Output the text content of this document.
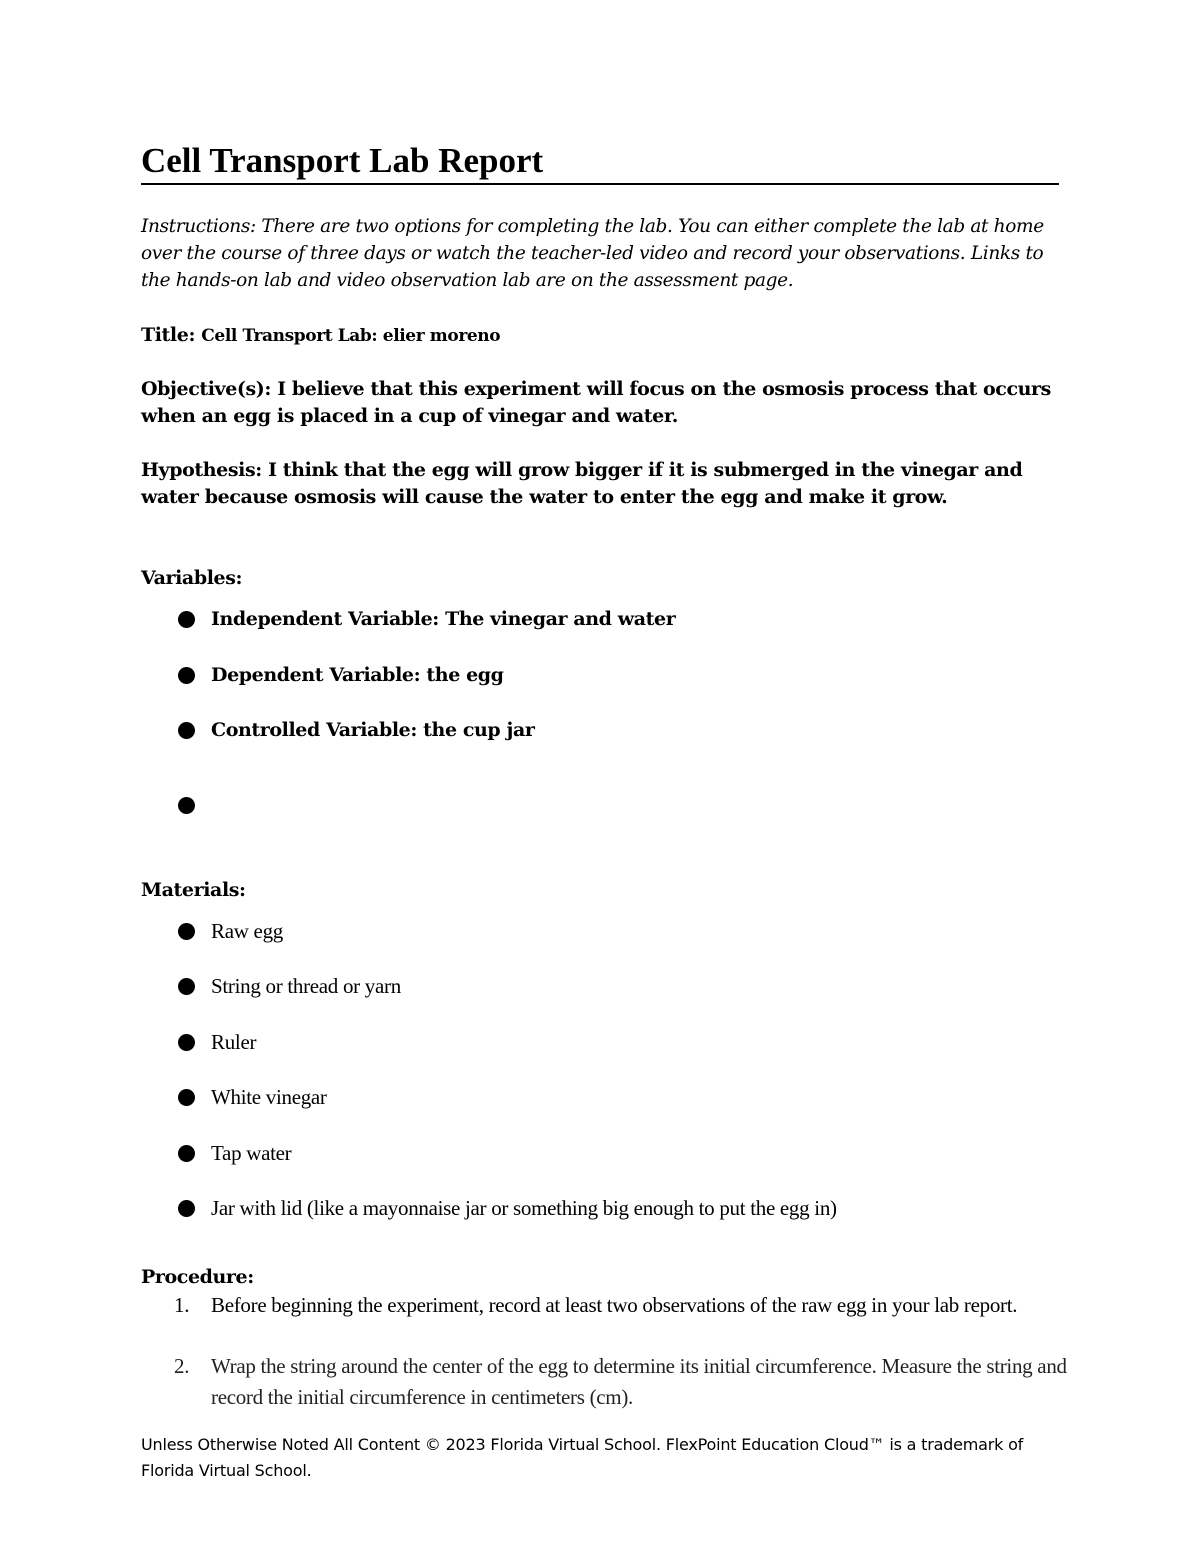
Cell Transport Lab Report

Instructions: There are two options for completing the lab. You can either complete the lab at home over the course of three days or watch the teacher-led video and record your observations. Links to the hands-on lab and video observation lab are on the assessment page.

Title: Cell Transport Lab: elier moreno

Objective(s): I believe that this experiment will focus on the osmosis process that occurs when an egg is placed in a cup of vinegar and water.

Hypothesis: I think that the egg will grow bigger if it is submerged in the vinegar and water because osmosis will cause the water to enter the egg and make it grow.

Variables:

Independent Variable: The vinegar and water
Dependent Variable: the egg
Controlled Variable: the cup jar

Materials:

Raw egg
String or thread or yarn
Ruler
White vinegar
Tap water
Jar with lid (like a mayonnaise jar or something big enough to put the egg in)

Procedure:

1. Before beginning the experiment, record at least two observations of the raw egg in your lab report.
2. Wrap the string around the center of the egg to determine its initial circumference. Measure the string and record the initial circumference in centimeters (cm).

Unless Otherwise Noted All Content © 2023 Florida Virtual School. FlexPoint Education Cloud™ is a trademark of Florida Virtual School.
